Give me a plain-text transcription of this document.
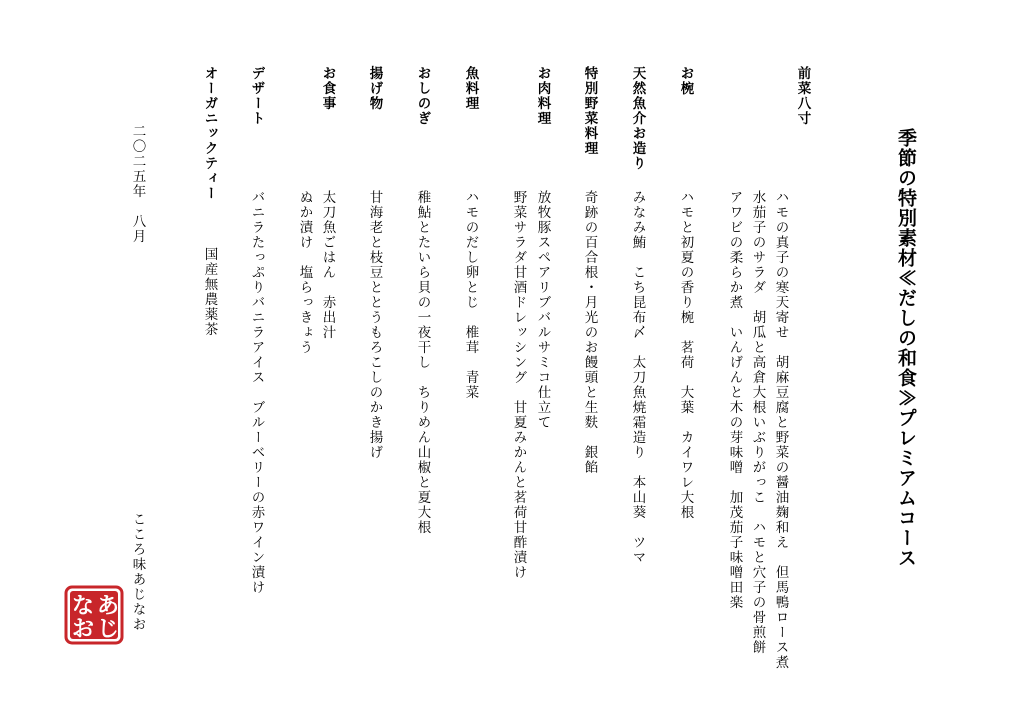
季節の特別素材≪だしの和食≫プレミアムコース
前菜八寸
ハモの真子の寒天寄せ　胡麻豆腐と野菜の醤油麹和え　但馬鴨ロース煮
水茄子のサラダ　胡瓜と高倉大根いぶりがっこ　ハモと穴子の骨煎餅
アワビの柔らか煮　いんげんと木の芽味噌　加茂茄子味噌田楽
お椀
ハモと初夏の香り椀　茗荷　大葉　カイワレ大根
天然魚介お造り
みなみ鮪　こち昆布〆　太刀魚焼霜造り　本山葵　ツマ
特別野菜料理
奇跡の百合根・月光のお饅頭と生麩　銀餡
お肉料理
放牧豚スペアリブバルサミコ仕立て
野菜サラダ甘酒ドレッシング　甘夏みかんと茗荷甘酢漬け
魚料理
ハモのだし卵とじ　椎茸　青菜
おしのぎ
稚鮎とたいら貝の一夜干し　ちりめん山椒と夏大根
揚げ物
甘海老と枝豆ととうもろこしのかき揚げ
お食事
太刀魚ごはん　赤出汁
ぬか漬け　塩らっきょう
デザート
バニラたっぷりバニラアイス　ブルーベリーの赤ワイン漬け
オーガニックティー
国産無農薬茶
二〇二五年　八月
こころ味あじなお
あ
じ
な
お
